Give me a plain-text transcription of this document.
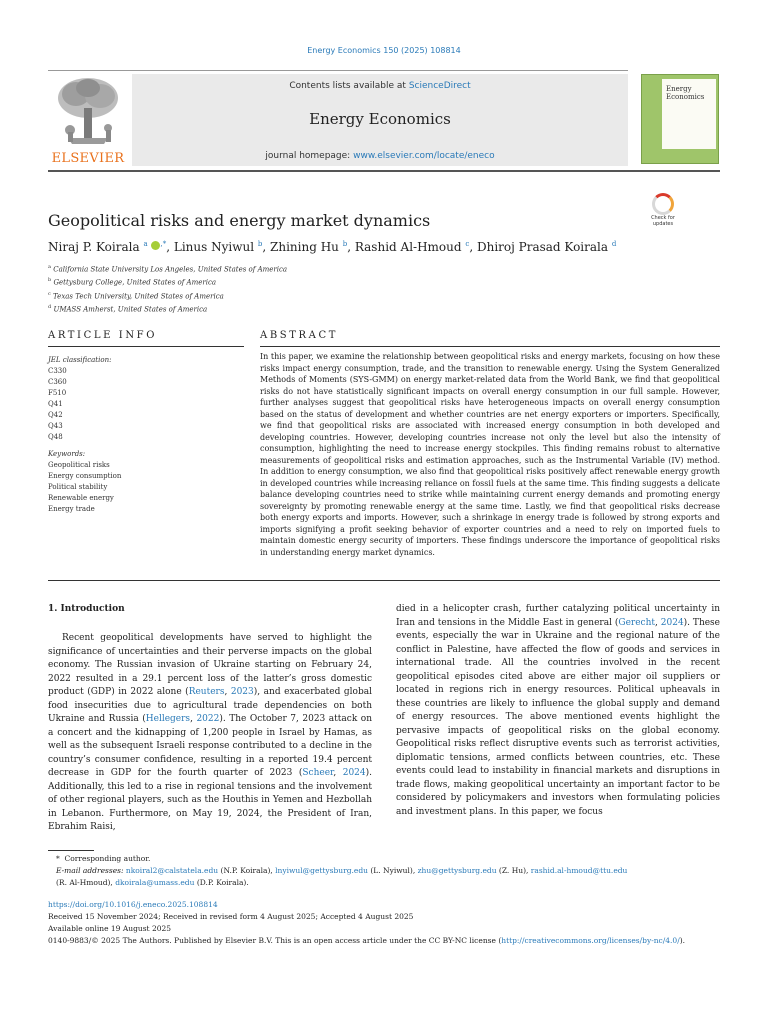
Energy Economics 150 (2025) 108814
ELSEVIER
Contents lists available at ScienceDirect
Energy Economics
journal homepage: www.elsevier.com/locate/eneco
Energy
Economics
Geopolitical risks and energy market dynamics	Check for
updates
Niraj P. Koirala $^a$ ,*, Linus Nyiwul $^b$, Zhining Hu $^b$, Rashid Al-Hmoud $^c$, Dhiroj Prasad Koirala $^d$
$^a$ California State University Los Angeles, United States of America
$^b$ Gettysburg College, United States of America
$^c$ Texas Tech University, United States of America
$^d$ UMASS Amherst, United States of America
ARTICLE INFO	ABSTRACT
JEL classification:
C330
C360
F510
Q41
Q42
Q43
Q48
Keywords:
Geopolitical risks
Energy consumption
Political stability
Renewable energy
Energy trade
In this paper, we examine the relationship between geopolitical risks and energy markets, focusing on how these risks impact energy consumption, trade, and the transition to renewable energy. Using the System Generalized Methods of Moments (SYS-GMM) on energy market-related data from the World Bank, we find that geopolitical risks do not have statistically significant impacts on overall energy consumption in our full sample. However, further analyses suggest that geopolitical risks have heterogeneous impacts on overall energy consumption based on the status of development and whether countries are net energy exporters or importers. Specifically, we find that geopolitical risks are associated with increased energy consumption in both developed and developing countries. However, developing countries increase not only the level but also the intensity of consumption, highlighting the need to increase energy stockpiles. This finding remains robust to alternative measurements of geopolitical risks and estimation approaches, such as the Instrumental Variable (IV) method. In addition to energy consumption, we also find that geopolitical risks positively affect renewable energy growth in developed countries while increasing reliance on fossil fuels at the same time. This finding suggests a delicate balance developing countries need to strike while maintaining current energy demands and promoting energy sovereignty by promoting renewable energy at the same time. Lastly, we find that geopolitical risks decrease both energy exports and imports. However, such a shrinkage in energy trade is followed by strong exports and imports signifying a profit seeking behavior of exporter countries and a need to rely on imported fuels to maintain domestic energy security of importers. These findings underscore the importance of geopolitical risks in understanding energy market dynamics.
1. Introduction

Recent geopolitical developments have served to highlight the significance of uncertainties and their perverse impacts on the global economy. The Russian invasion of Ukraine starting on February 24, 2022 resulted in a 29.1 percent loss of the latter’s gross domestic product (GDP) in 2022 alone (Reuters, 2023), and exacerbated global food insecurities due to agricultural trade dependencies on both Ukraine and Russia (Hellegers, 2022). The October 7, 2023 attack on a concert and the kidnapping of 1,200 people in Israel by Hamas, as well as the subsequent Israeli response contributed to a decline in the country’s consumer confidence, resulting in a reported 19.4 percent decrease in GDP for the fourth quarter of 2023 (Scheer, 2024). Additionally, this led to a rise in regional tensions and the involvement of other regional players, such as the Houthis in Yemen and Hezbollah in Lebanon. Furthermore, on May 19, 2024, the President of Iran, Ebrahim Raisi,

died in a helicopter crash, further catalyzing political uncertainty in Iran and tensions in the Middle East in general (Gerecht, 2024). These events, especially the war in Ukraine and the regional nature of the conflict in Palestine, have affected the flow of goods and services in international trade. All the countries involved in the recent geopolitical episodes cited above are either major oil suppliers or located in regions rich in energy resources. Political upheavals in these countries are likely to influence the global supply and demand of energy resources. The above mentioned events highlight the pervasive impacts of geopolitical risks on the global economy. Geopolitical risks reflect disruptive events such as terrorist activities, diplomatic tensions, armed conflicts between countries, etc. These events could lead to instability in financial markets and disruptions in trade flows, making geopolitical uncertainty an important factor to be considered by policymakers and investors when formulating policies and investment plans. In this paper, we focus

* Corresponding author.
E-mail addresses: nkoiral2@calstatela.edu (N.P. Koirala), lnyiwul@gettysburg.edu (L. Nyiwul), zhu@gettysburg.edu (Z. Hu), rashid.al-hmoud@ttu.edu
(R. Al-Hmoud), dkoirala@umass.edu (D.P. Koirala).
https://doi.org/10.1016/j.eneco.2025.108814
Received 15 November 2024; Received in revised form 4 August 2025; Accepted 4 August 2025
Available online 19 August 2025
0140-9883/© 2025 The Authors. Published by Elsevier B.V. This is an open access article under the CC BY-NC license (http://creativecommons.org/licenses/by-nc/4.0/).
